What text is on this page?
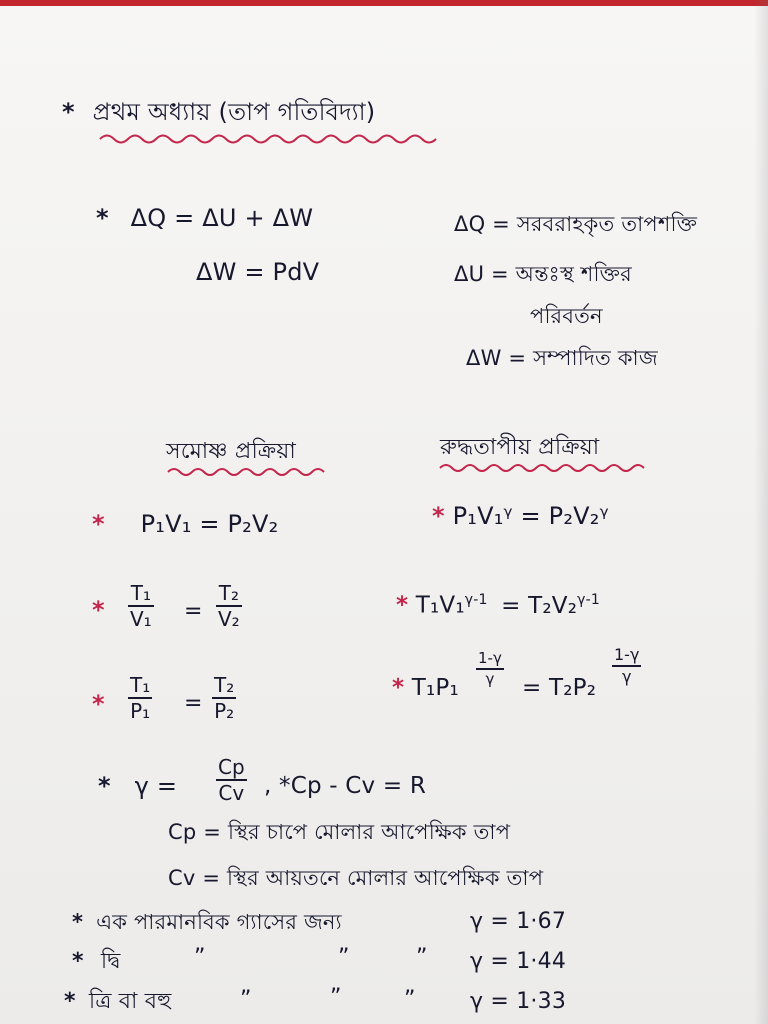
* প্রথম অধ্যায় (তাপ গতিবিদ্যা)
* ΔQ = ΔU + ΔW
ΔW = PdV
ΔQ = সরবরাহকৃত তাপশক্তি
ΔU = অন্তঃস্থ শক্তির
পরিবর্তন
ΔW = সম্পাদিত কাজ
সমোষ্ণ প্রক্রিয়া	রুদ্ধতাপীয় প্রক্রিয়া
* P₁V₁ = P₂V₂
*
T₁
V₁ =
T₂
V₂
*
T₁
P₁ =
T₂
P₂
* P₁V₁ᵞ = P₂V₂ᵞ
* T₁V₁$^{\gamma-1}$ = T₂V₂$^{\gamma-1}$
* T₁P₁
1-γ
γ = T₂P₂
1-γ
γ
* γ =
Cp
Cv , *Cp - Cv = R
Cp = স্থির চাপে মোলার আপেক্ষিক তাপ
Cv = স্থির আয়তনে মোলার আপেক্ষিক তাপ
* এক পারমানবিক গ্যাসের জন্য	γ = 1·67
* দ্বি	”	”	” γ = 1·44
* ত্রি বা বহু	”	”	” γ = 1·33
